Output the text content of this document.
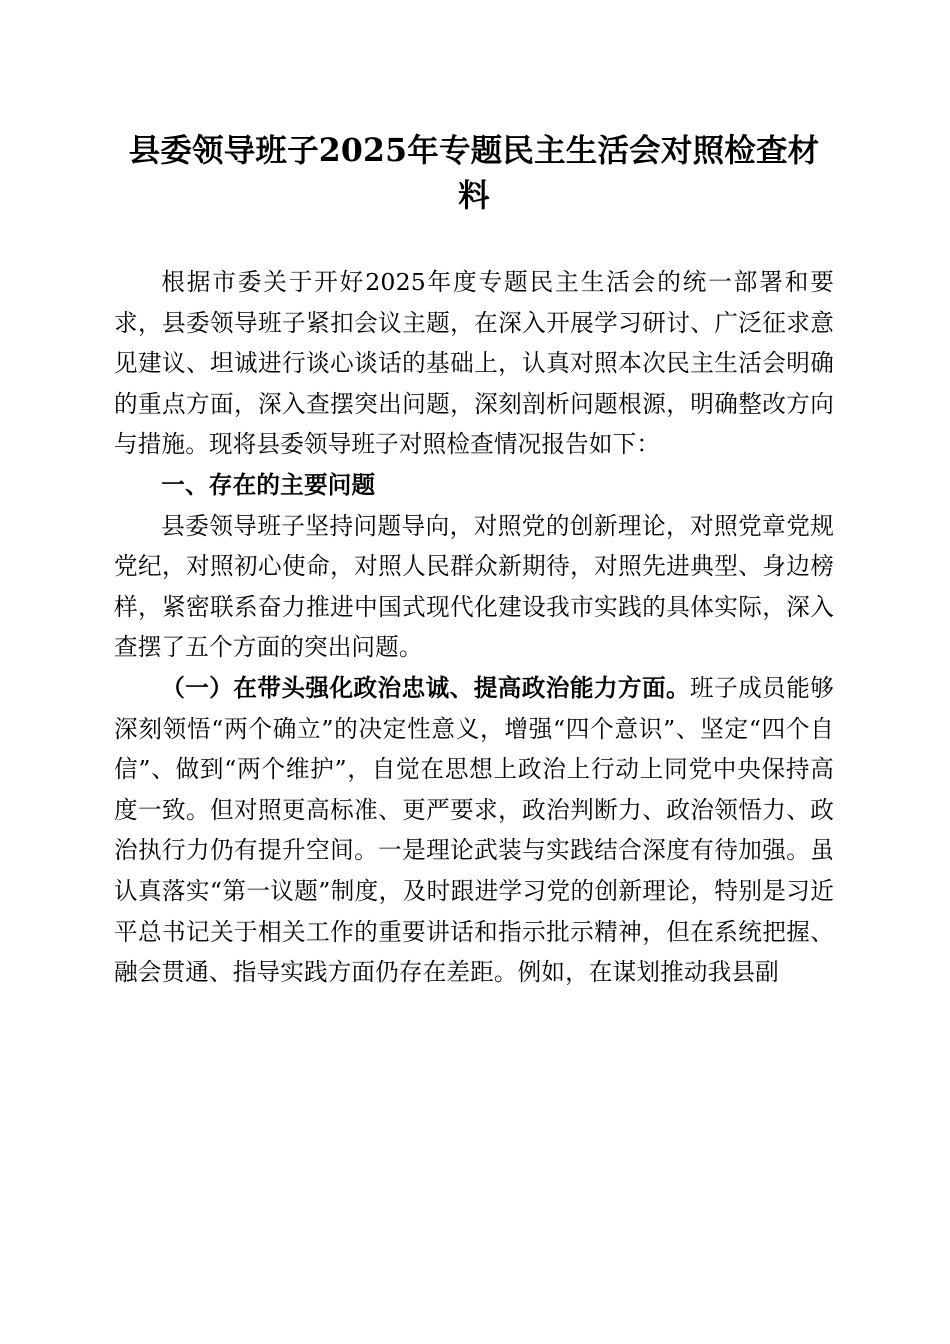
县委领导班子2025年专题民主生活会对照检查材料

根据市委关于开好2025年度专题民主生活会的统一部署和要求，县委领导班子紧扣会议主题，在深入开展学习研讨、广泛征求意见建议、坦诚进行谈心谈话的基础上，认真对照本次民主生活会明确的重点方面，深入查摆突出问题，深刻剖析问题根源，明确整改方向与措施。现将县委领导班子对照检查情况报告如下：

一、存在的主要问题

县委领导班子坚持问题导向，对照党的创新理论，对照党章党规党纪，对照初心使命，对照人民群众新期待，对照先进典型、身边榜样，紧密联系奋力推进中国式现代化建设我市实践的具体实际，深入查摆了五个方面的突出问题。

（一）在带头强化政治忠诚、提高政治能力方面。班子成员能够深刻领悟“两个确立”的决定性意义，增强“四个意识”、坚定“四个自信”、做到“两个维护”，自觉在思想上政治上行动上同党中央保持高度一致。但对照更高标准、更严要求，政治判断力、政治领悟力、政治执行力仍有提升空间。一是理论武装与实践结合深度有待加强。虽认真落实“第一议题”制度，及时跟进学习党的创新理论，特别是习近平总书记关于相关工作的重要讲话和指示批示精神，但在系统把握、融会贯通、指导实践方面仍存在差距。例如，在谋划推动我县副
